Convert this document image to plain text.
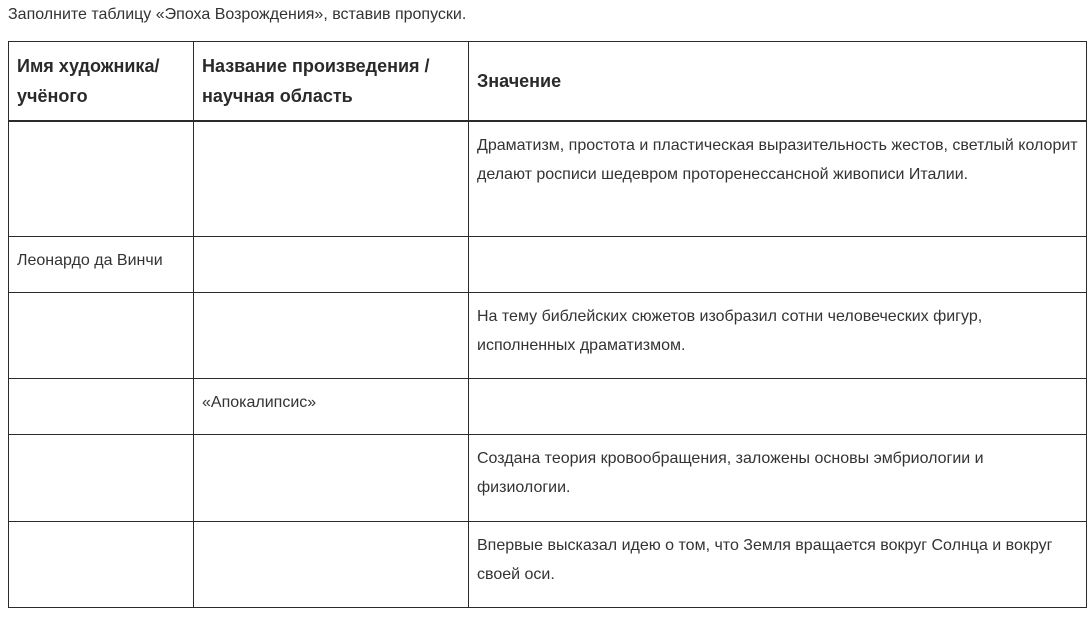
Заполните таблицу «Эпоха Возрождения», вставив пропуски.
Имя художника/ учёного	Название произведения / научная область	Значение
		Драматизм, простота и пластическая выразительность жестов, светлый колорит делают росписи шедевром проторенессансной живописи Италии.
Леонардо да Винчи		
		На тему библейских сюжетов изобразил сотни человеческих фигур, исполненных драматизмом.
	«Апокалипсис»	
		Создана теория кровообращения, заложены основы эмбриологии и физиологии.
		Впервые высказал идею о том, что Земля вращается вокруг Солнца и вокруг своей оси.
